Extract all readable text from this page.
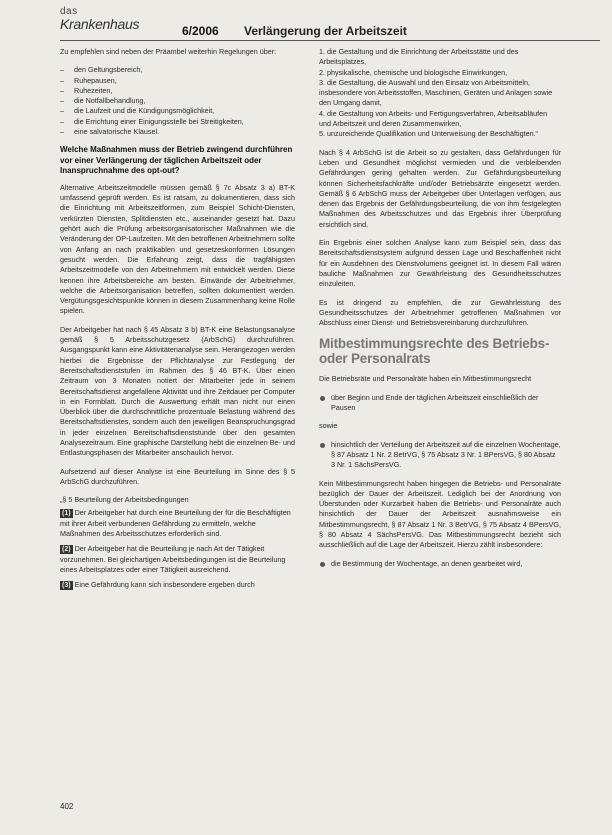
das
Krankenhaus	6/2006 Verlängerung der Arbeitszeit

Zu empfehlen sind neben der Präambel weiterhin Regelungen über:

– den Geltungsbereich,
– Ruhepausen,
– Ruhezeiten,
– die Notfallbehandlung,
– die Laufzeit und die Kündigungsmöglichkeit,
– die Errichtung einer Einigungsstelle bei Streitigkeiten,
– eine salvatorische Klausel.
Welche Maßnahmen muss der Betrieb zwingend durchführen vor einer Verlängerung der täglichen Arbeitszeit oder Inanspruchnahme des opt-out?

Alternative Arbeitszeitmodelle müssen gemäß § 7c Absatz 3 a) BT-K umfassend geprüft werden. Es ist ratsam, zu dokumentieren, dass sich die Einrichtung mit Arbeitszeitformen, zum Beispiel Schicht-Diensten, verkürzten Diensten, Splitdiensten etc., auseinander gesetzt hat. Dazu gehört auch die Prüfung arbeitsorganisatorischer Maßnahmen wie die Veränderung der OP-Laufzeiten. Mit den betroffenen Arbeitnehmern sollte von Anfang an nach praktikablen und gesetzeskonformen Lösungen gesucht werden. Die Erfahrung zeigt, dass die tragfähigsten Arbeitszeitmodelle von den Arbeitnehmern mit entwickelt werden. Diese kennen ihre Arbeitsbereiche am besten. Einwände der Arbeitnehmer, welche die Arbeitsorganisation betreffen, sollten dokumentiert werden. Vergütungsgesichtspunkte können in diesem Zusammenhang keine Rolle spielen.

Der Arbeitgeber hat nach § 45 Absatz 3 b) BT-K eine Belastungsanalyse gemäß § 5 Arbeitsschutzgesetz (ArbSchG) durchzuführen. Ausgangspunkt kann eine Aktivitätenanalyse sein. Herangezogen werden hierbei die Ergebnisse der Pflichtanalyse zur Festlegung der Bereitschaftsdienststufen im Rahmen des § 46 BT-K. Über einen Zeitraum von 3 Monaten notiert der Mitarbeiter jede in seinem Bereitschaftsdienst angefallene Aktivität und ihre Zeitdauer per Computer in ein Formblatt. Durch die Auswertung erhält man nicht nur einen Überblick über die durchschnittliche prozentuale Belastung während des Bereitschaftsdienstes, sondern auch den jeweiligen Beanspruchungsgrad in jeder einzelnen Bereitschaftsdienststunde über den gesamten Analysezeitraum. Eine graphische Darstellung hebt die einzelnen Be- und Entlastungsphasen der Mitarbeiter anschaulich hervor.

Aufsetzend auf dieser Analyse ist eine Beurteilung im Sinne des § 5 ArbSchG durchzuführen.

„§ 5 Beurteilung der Arbeitsbedingungen

(1) Der Arbeitgeber hat durch eine Beurteilung der für die Beschäftigten mit ihrer Arbeit verbundenen Gefährdung zu ermitteln, welche Maßnahmen des Arbeitsschutzes erforderlich sind.
(2) Der Arbeitgeber hat die Beurteilung je nach Art der Tätigkeit vorzunehmen. Bei gleichartigen Arbeitsbedingungen ist die Beurteilung eines Arbeitsplatzes oder einer Tätigkeit ausreichend.
(3) Eine Gefährdung kann sich insbesondere ergeben durch
1. die Gestaltung und die Einrichtung der Arbeitsstätte und des Arbeitsplatzes,
2. physikalische, chemische und biologische Einwirkungen,
3. die Gestaltung, die Auswahl und den Einsatz von Arbeitsmitteln, insbesondere von Arbeitsstoffen, Maschinen, Geräten und Anlagen sowie den Umgang damit,
4. die Gestaltung von Arbeits- und Fertigungsverfahren, Arbeitsabläufen und Arbeitszeit und deren Zusammenwirken,
5. unzureichende Qualifikation und Unterweisung der Beschäftigten.“

Nach § 4 ArbSchG ist die Arbeit so zu gestalten, dass Gefährdungen für Leben und Gesundheit möglichst vermieden und die verbleibenden Gefährdungen gering gehalten werden. Zur Gefährdungsbeurteilung können Sicherheitsfachkräfte und/oder Betriebsärzte eingesetzt werden. Gemäß § 6 ArbSchG muss der Arbeitgeber über Unterlagen verfügen, aus denen das Ergebnis der Gefährdungsbeurteilung, die von ihm festgelegten Maßnahmen des Arbeitsschutzes und das Ergebnis ihrer Überprüfung ersichtlich sind.

Ein Ergebnis einer solchen Analyse kann zum Beispiel sein, dass das Bereitschaftsdienstsystem aufgrund dessen Lage und Beschaffenheit nicht für ein Ausdehnen des Dienstvolumens geeignet ist. In diesem Fall wären bauliche Maßnahmen zur Gewährleistung des Gesundheitsschutzes einzuleiten.

Es ist dringend zu empfehlen, die zur Gewährleistung des Gesundheitsschutzes der Arbeitnehmer getroffenen Maßnahmen vor Abschluss einer Dienst- und Betriebsvereinbarung durchzuführen.

Mitbestimmungsrechte des Betriebs- oder Personalrats

Die Betriebsräte und Personalräte haben ein Mitbestimmungsrecht

über Beginn und Ende der täglichen Arbeitszeit einschließlich der Pausen

sowie

hinsichtlich der Verteilung der Arbeitszeit auf die einzelnen Wochentage, § 87 Absatz 1 Nr. 2 BetrVG, § 75 Absatz 3 Nr. 1 BPersVG, § 80 Absatz 3 Nr. 1 SächsPersVG.

Kein Mitbestimmungsrecht haben hingegen die Betriebs- und Personalräte bezüglich der Dauer der Arbeitszeit. Lediglich bei der Anordnung von Überstunden oder Kurzarbeit haben die Betriebs- und Personalräte auch hinsichtlich der Dauer der Arbeitszeit ausnahmsweise ein Mitbestimmungsrecht, § 87 Absatz 1 Nr. 3 BetrVG, § 75 Absatz 4 BPersVG, § 80 Absatz 4 SächsPersVG. Das Mitbestimmungsrecht bezieht sich ausschließlich auf die Lage der Arbeitszeit. Hierzu zählt insbesondere:

die Bestimmung der Wochentage, an denen gearbeitet wird,
402
